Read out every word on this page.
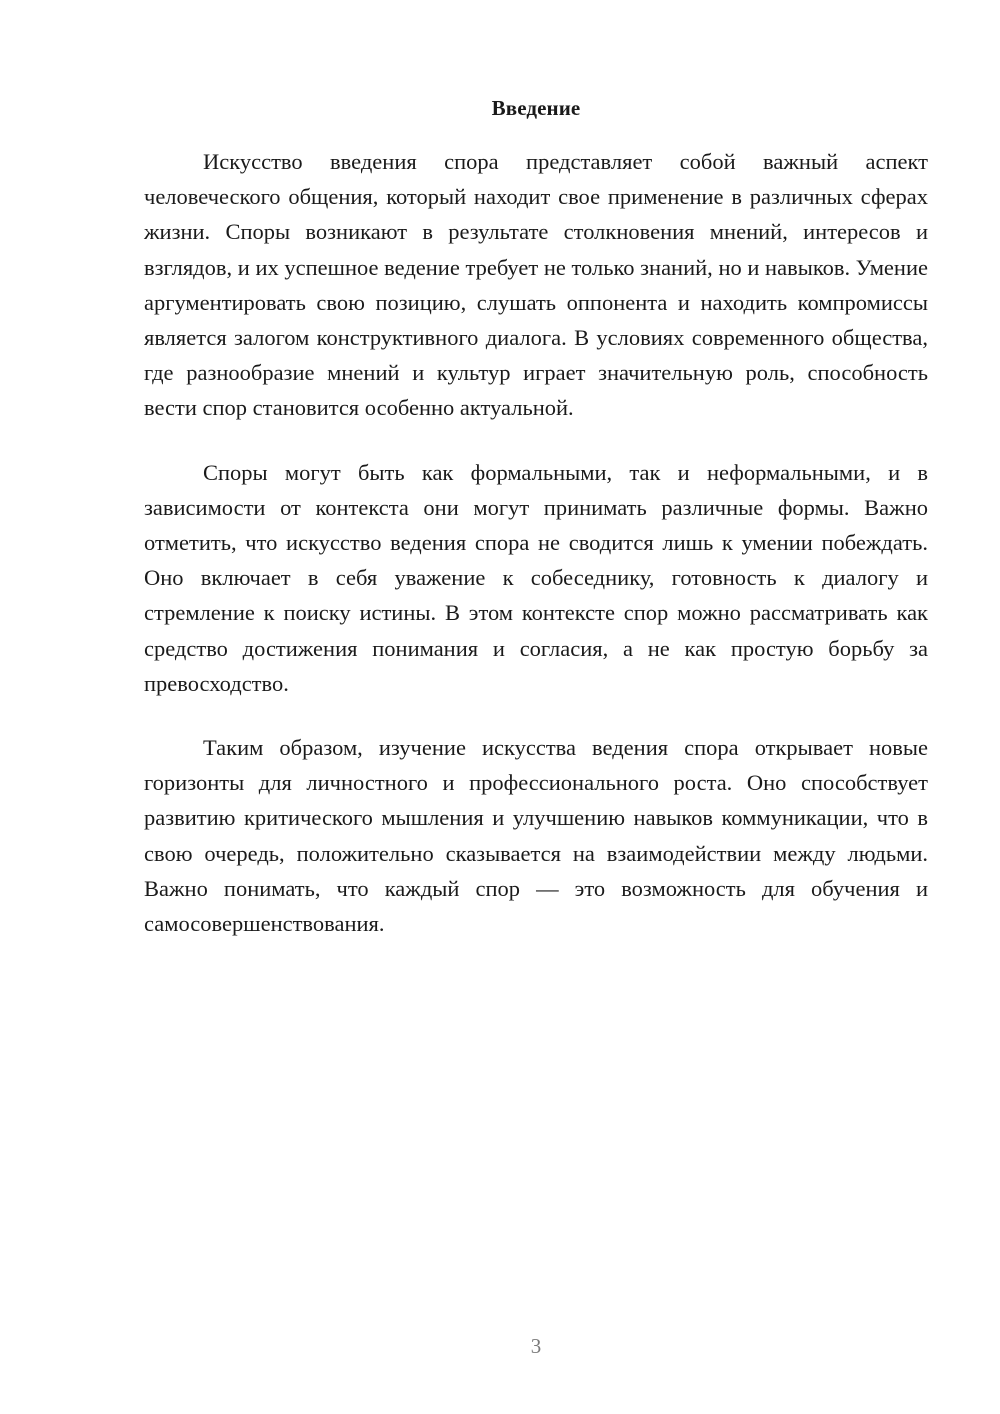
Введение

Искусство введения спора представляет собой важный аспект человеческого общения, который находит свое применение в различных сферах жизни. Споры возникают в результате столкновения мнений, интересов и взглядов, и их успешное ведение требует не только знаний, но и навыков. Умение аргументировать свою позицию, слушать оппонента и находить компромиссы является залогом конструктивного диалога. В условиях современного общества, где разнообразие мнений и культур играет значительную роль, способность вести спор становится особенно актуальной.

Споры могут быть как формальными, так и неформальными, и в зависимости от контекста они могут принимать различные формы. Важно отметить, что искусство ведения спора не сводится лишь к умении побеждать. Оно включает в себя уважение к собеседнику, готовность к диалогу и стремление к поиску истины. В этом контексте спор можно рассматривать как средство достижения понимания и согласия, а не как простую борьбу за превосходство.

Таким образом, изучение искусства ведения спора открывает новые горизонты для личностного и профессионального роста. Оно способствует развитию критического мышления и улучшению навыков коммуникации, что в свою очередь, положительно сказывается на взаимодействии между людьми. Важно понимать, что каждый спор — это возможность для обучения и самосовершенствования.

3
